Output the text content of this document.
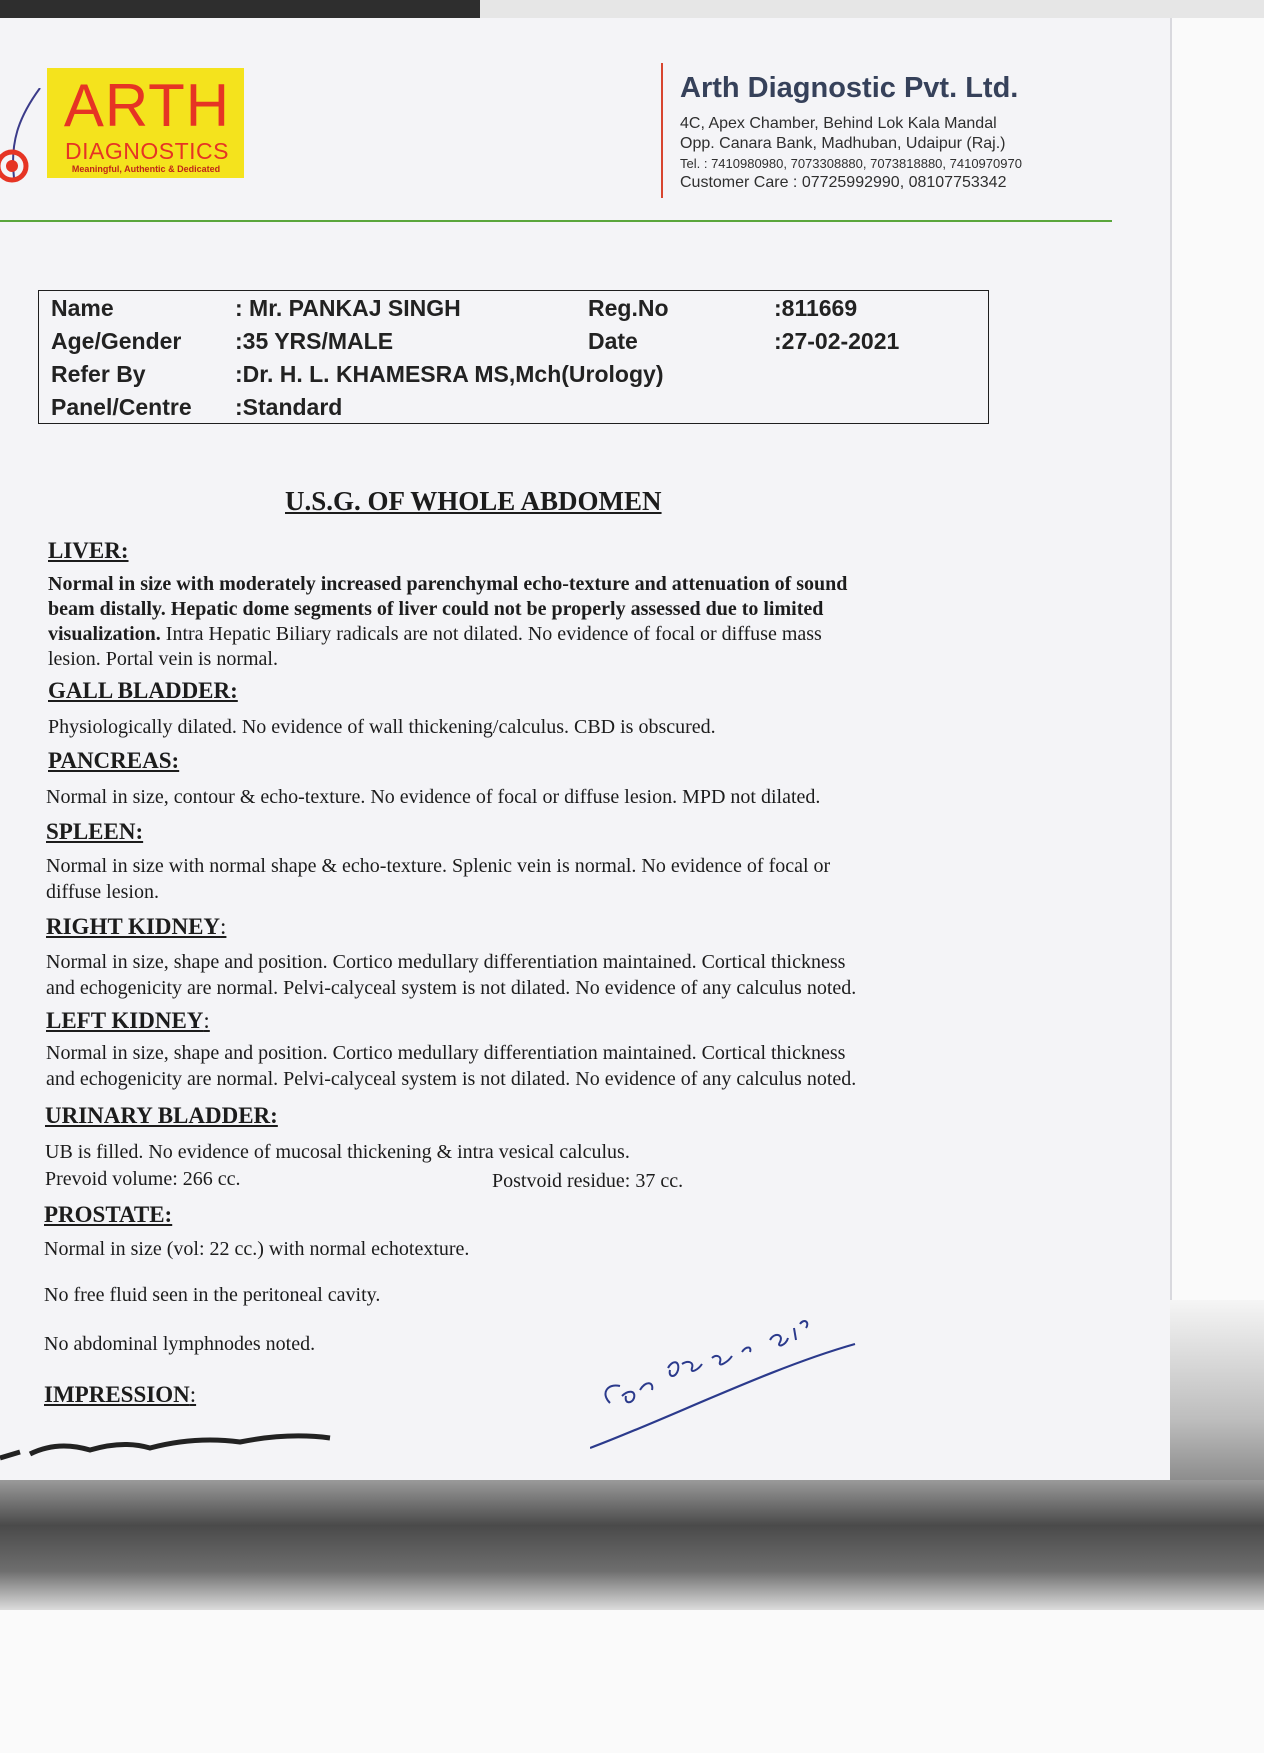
ARTH
DIAGNOSTICS
Meaningful, Authentic & Dedicated
Arth Diagnostic Pvt. Ltd.
4C, Apex Chamber, Behind Lok Kala Mandal
Opp. Canara Bank, Madhuban, Udaipur (Raj.)
Tel. : 7410980980, 7073308880, 7073818880, 7410970970
Customer Care : 07725992990, 08107753342
Name	: Mr. PANKAJ SINGH	Reg.No	:811669
Age/Gender :35 YRS/MALE	Date	:27-02-2021
Refer By	:Dr. H. L. KHAMESRA MS,Mch(Urology)
Panel/Centre :Standard
U.S.G. OF WHOLE ABDOMEN
LIVER:
Normal in size with moderately increased parenchymal echo-texture and attenuation of sound
beam distally. Hepatic dome segments of liver could not be properly assessed due to limited
visualization. Intra Hepatic Biliary radicals are not dilated. No evidence of focal or diffuse mass
lesion. Portal vein is normal.
GALL BLADDER:
Physiologically dilated. No evidence of wall thickening/calculus. CBD is obscured.
PANCREAS:
Normal in size, contour & echo-texture. No evidence of focal or diffuse lesion. MPD not dilated.
SPLEEN:
Normal in size with normal shape & echo-texture. Splenic vein is normal. No evidence of focal or
diffuse lesion.
RIGHT KIDNEY:
Normal in size, shape and position. Cortico medullary differentiation maintained. Cortical thickness
and echogenicity are normal. Pelvi-calyceal system is not dilated. No evidence of any calculus noted.
LEFT KIDNEY:
Normal in size, shape and position. Cortico medullary differentiation maintained. Cortical thickness
and echogenicity are normal. Pelvi-calyceal system is not dilated. No evidence of any calculus noted.
URINARY BLADDER:
UB is filled. No evidence of mucosal thickening & intra vesical calculus.
Prevoid volume: 266 cc.	Postvoid residue: 37 cc.
PROSTATE:
Normal in size (vol: 22 cc.) with normal echotexture.
No free fluid seen in the peritoneal cavity.
No abdominal lymphnodes noted.
IMPRESSION:
